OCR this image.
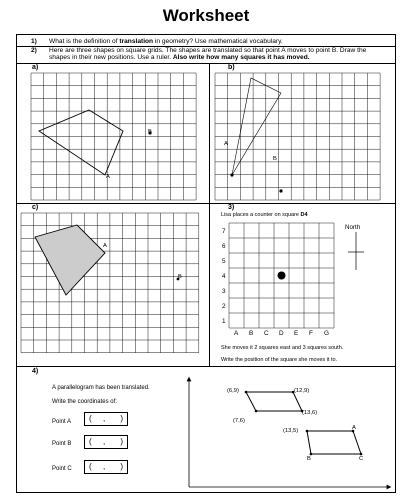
Worksheet
1) What is the definition of translation in geometry? Use mathematical vocabulary.
2) Here are three shapes on square grids. The shapes are translated so that point A moves to point B. Draw the shapes in their new positions. Use a ruler. Also write how many squares it has moved.
a)	b)
c)	3)
4)
B
A
A
B
A
B
Lisa places a counter on square D4
7
6
5
4
3
2
1
A B C D E F G
North
She moves it 2 squares east and 3 squares south.
Write the position of the square she moves it to.
A parallelogram has been translated.
Write the coordinates of:
Point A ( , )
Point B ( , )
Point C ( , )
(6,9)	(12,9)
(13,6)
(7,6)
(13,5)	A
B	C
